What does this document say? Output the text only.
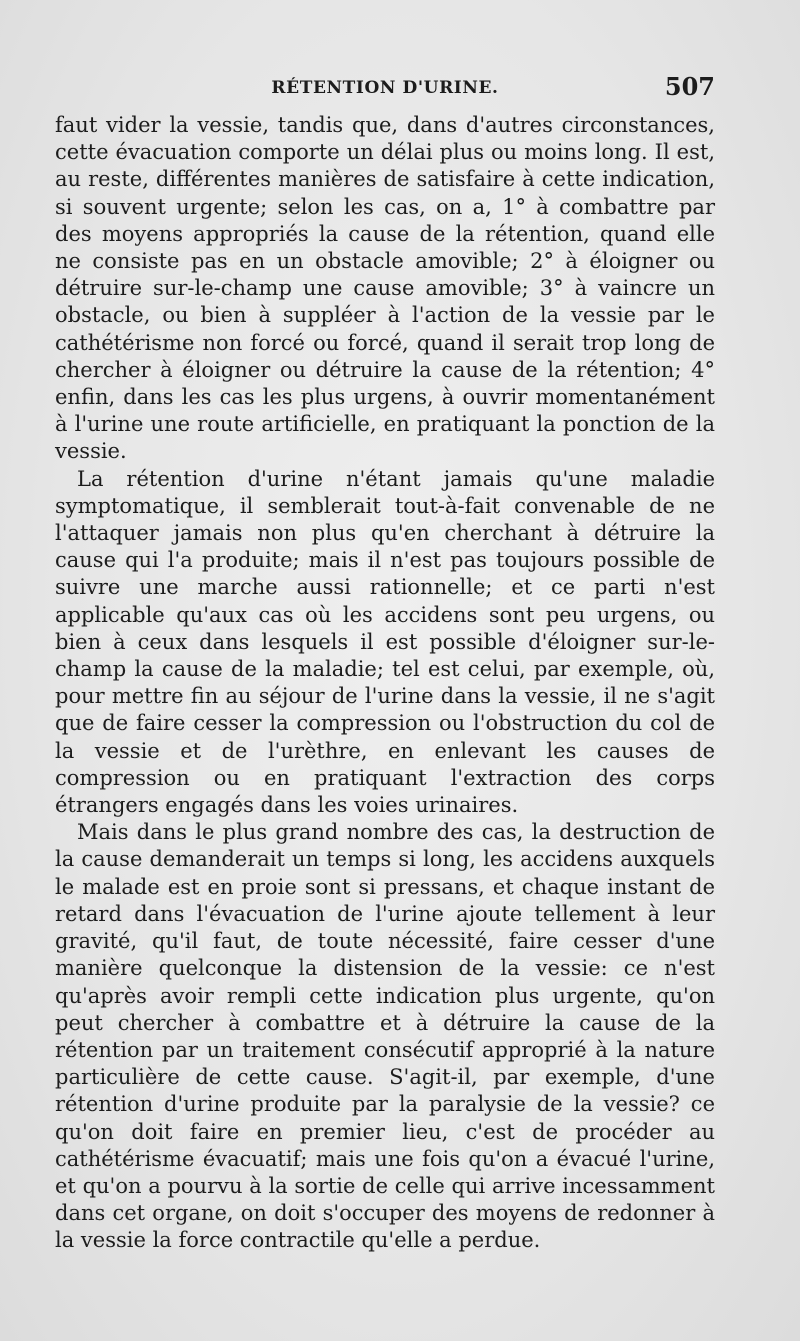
RÉTENTION D'URINE.	507

faut vider la vessie, tandis que, dans d'autres circonstances, cette évacuation comporte un délai plus ou moins long. Il est, au reste, différentes manières de satisfaire à cette indication, si souvent urgente; selon les cas, on a, 1° à combattre par des moyens appropriés la cause de la rétention, quand elle ne consiste pas en un obstacle amovible; 2° à éloigner ou détruire sur-le-champ une cause amovible; 3° à vaincre un obstacle, ou bien à suppléer à l'action de la vessie par le cathétérisme non forcé ou forcé, quand il serait trop long de chercher à éloigner ou détruire la cause de la rétention; 4° enfin, dans les cas les plus urgens, à ouvrir momentanément à l'urine une route artificielle, en pratiquant la ponction de la vessie.

La rétention d'urine n'étant jamais qu'une maladie symptomatique, il semblerait tout-à-fait convenable de ne l'attaquer jamais non plus qu'en cherchant à détruire la cause qui l'a produite; mais il n'est pas toujours possible de suivre une marche aussi rationnelle; et ce parti n'est applicable qu'aux cas où les accidens sont peu urgens, ou bien à ceux dans lesquels il est possible d'éloigner sur-le-champ la cause de la maladie; tel est celui, par exemple, où, pour mettre fin au séjour de l'urine dans la vessie, il ne s'agit que de faire cesser la compression ou l'obstruction du col de la vessie et de l'urèthre, en enlevant les causes de compression ou en pratiquant l'extraction des corps étrangers engagés dans les voies urinaires.

Mais dans le plus grand nombre des cas, la destruction de la cause demanderait un temps si long, les accidens auxquels le malade est en proie sont si pressans, et chaque instant de retard dans l'évacuation de l'urine ajoute tellement à leur gravité, qu'il faut, de toute nécessité, faire cesser d'une manière quelconque la distension de la vessie: ce n'est qu'après avoir rempli cette indication plus urgente, qu'on peut chercher à combattre et à détruire la cause de la rétention par un traitement consécutif approprié à la nature particulière de cette cause. S'agit-il, par exemple, d'une rétention d'urine produite par la paralysie de la vessie? ce qu'on doit faire en premier lieu, c'est de procéder au cathétérisme évacuatif; mais une fois qu'on a évacué l'urine, et qu'on a pourvu à la sortie de celle qui arrive incessamment dans cet organe, on doit s'occuper des moyens de redonner à la vessie la force contractile qu'elle a perdue.
